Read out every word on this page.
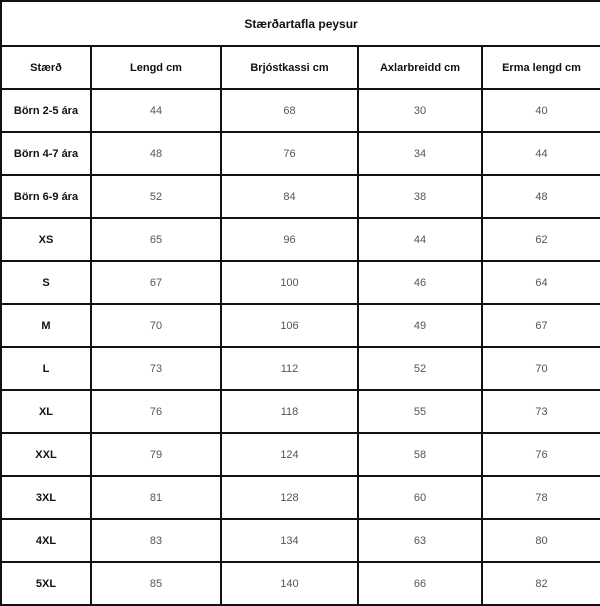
Stærðartafla peysur				
Stærð	Lengd cm	Brjóstkassi cm	Axlarbreidd cm	Erma lengd cm
Börn 2-5 ára	44	68	30	40
Börn 4-7 ára	48	76	34	44
Börn 6-9 ára	52	84	38	48
XS	65	96	44	62
S	67	100	46	64
M	70	106	49	67
L	73	112	52	70
XL	76	118	55	73
XXL	79	124	58	76
3XL	81	128	60	78
4XL	83	134	63	80
5XL	85	140	66	82
